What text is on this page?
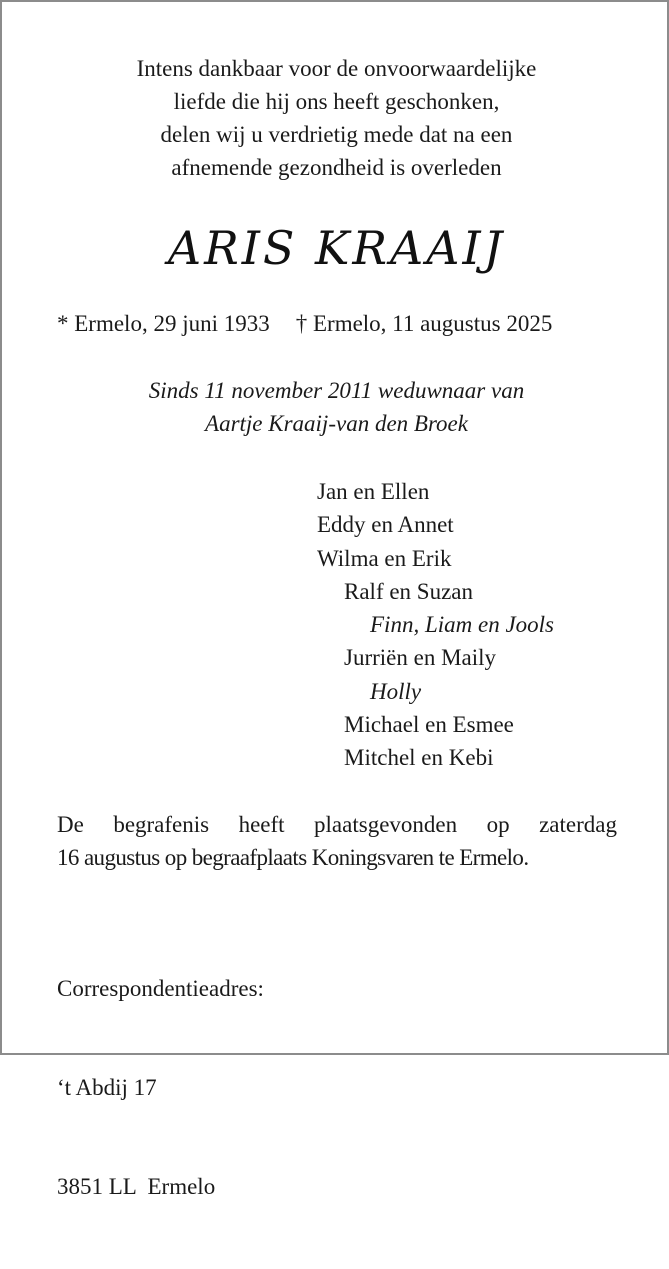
Intens dankbaar voor de onvoorwaardelijke
liefde die hij ons heeft geschonken,
delen wij u verdrietig mede dat na een
afnemende gezondheid is overleden
ARIS KRAAIJ
* Ermelo, 29 juni 1933 † Ermelo, 11 augustus 2025
Sinds 11 november 2011 weduwnaar van
Aartje Kraaij-van den Broek
Jan en Ellen
Eddy en Annet
Wilma en Erik
Ralf en Suzan
Finn, Liam en Jools
Jurriën en Maily
Holly
Michael en Esmee
Mitchel en Kebi
De begrafenis heeft plaatsgevonden op zaterdag
16 augustus op begraafplaats Koningsvaren te Ermelo.

Correspondentieadres:

‘t Abdij 17

3851 LL  Ermelo
